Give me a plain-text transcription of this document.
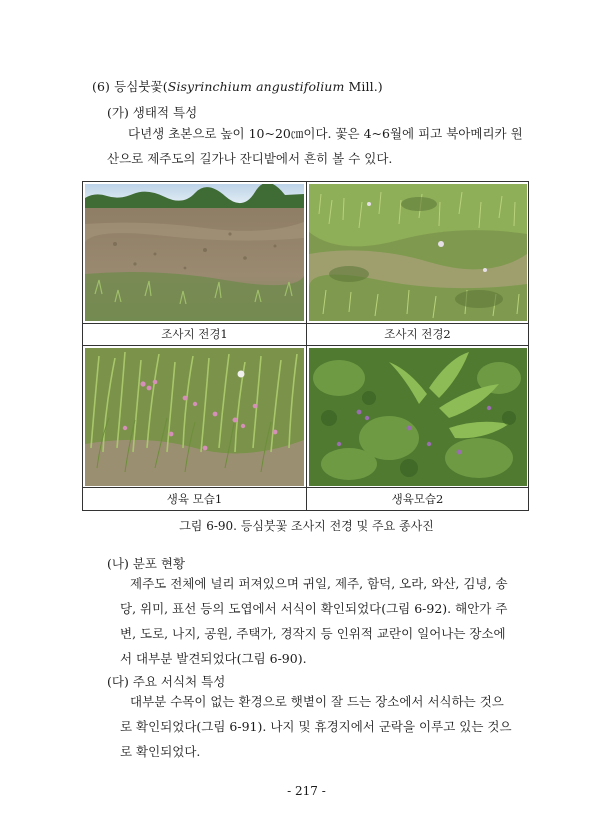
(6) 등심붓꽃(Sisyrinchium angustifolium Mill.)
(가) 생태적 특성
다년생 초본으로 높이 10~20㎝이다. 꽃은 4~6월에 피고 북아메리카 원
산으로 제주도의 길가나 잔디밭에서 흔히 볼 수 있다.
조사지 전경1	조사지 전경2
생육 모습1	생육모습2
그림 6-90. 등심붓꽃 조사지 전경 및 주요 종사진
(나) 분포 현황
제주도 전체에 널리 퍼져있으며 귀일, 제주, 함덕, 오라, 와산, 김녕, 송
당, 위미, 표선 등의 도엽에서 서식이 확인되었다(그림 6-92). 해안가 주
변, 도로, 나지, 공원, 주택가, 경작지 등 인위적 교란이 일어나는 장소에
서 대부분 발견되었다(그림 6-90).
(다) 주요 서식처 특성
대부분 수목이 없는 환경으로 햇볕이 잘 드는 장소에서 서식하는 것으
로 확인되었다(그림 6-91). 나지 및 휴경지에서 군락을 이루고 있는 것으
로 확인되었다.
- 217 -
